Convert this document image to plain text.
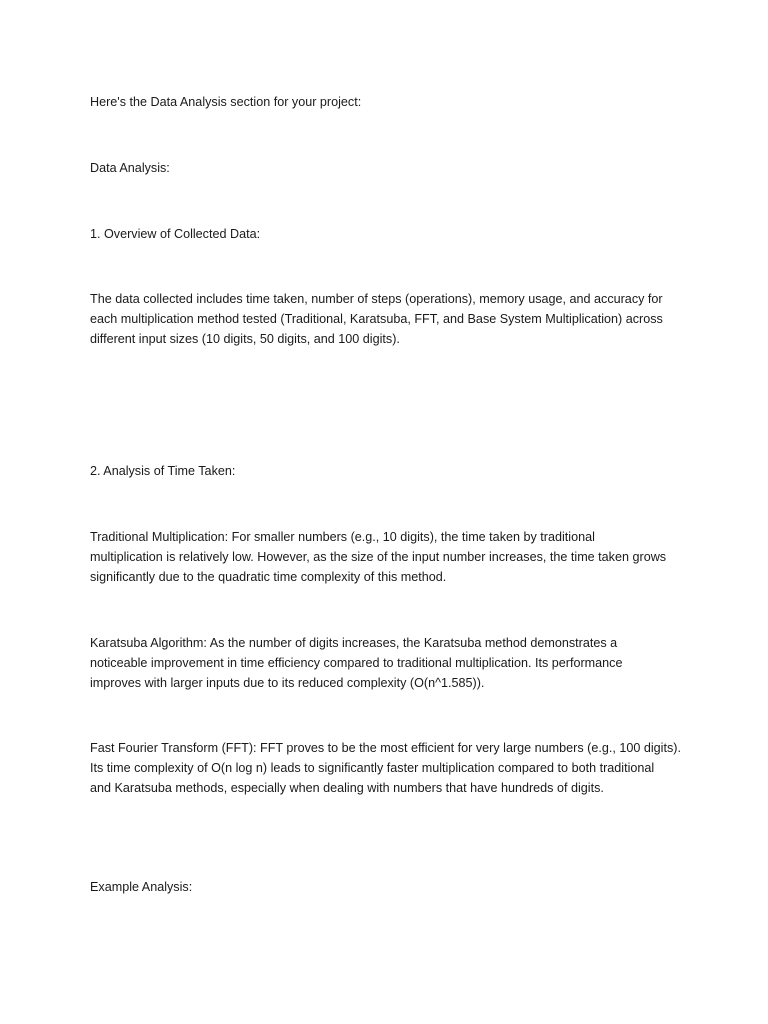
Here's the Data Analysis section for your project:

Data Analysis:

1. Overview of Collected Data:

The data collected includes time taken, number of steps (operations), memory usage, and accuracy for
each multiplication method tested (Traditional, Karatsuba, FFT, and Base System Multiplication) across
different input sizes (10 digits, 50 digits, and 100 digits).

2. Analysis of Time Taken:

Traditional Multiplication: For smaller numbers (e.g., 10 digits), the time taken by traditional
multiplication is relatively low. However, as the size of the input number increases, the time taken grows
significantly due to the quadratic time complexity of this method.

Karatsuba Algorithm: As the number of digits increases, the Karatsuba method demonstrates a
noticeable improvement in time efficiency compared to traditional multiplication. Its performance
improves with larger inputs due to its reduced complexity (O(n^1.585)).

Fast Fourier Transform (FFT): FFT proves to be the most efficient for very large numbers (e.g., 100 digits).
Its time complexity of O(n log n) leads to significantly faster multiplication compared to both traditional
and Karatsuba methods, especially when dealing with numbers that have hundreds of digits.

Example Analysis:
